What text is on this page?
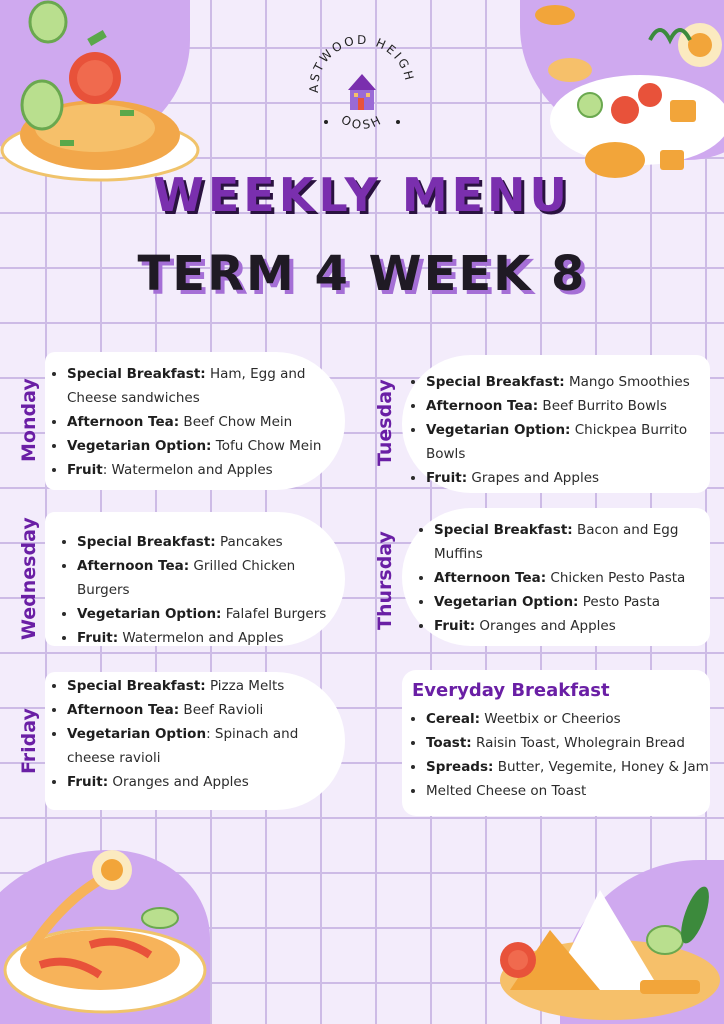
ASTWOOD HEIGH
OOSH
WEEKLY MENU
TERM 4 WEEK 8
Monday
• Special Breakfast: Ham, Egg and Cheese sandwiches
• Afternoon Tea: Beef Chow Mein
• Vegetarian Option: Tofu Chow Mein
• Fruit: Watermelon and Apples
Tuesday • Special Breakfast: Mango Smoothies
• Afternoon Tea: Beef Burrito Bowls
• Vegetarian Option: Chickpea Burrito Bowls
• Fruit: Grapes and Apples
Wednesday	• Special Breakfast: Pancakes
• Afternoon Tea: Grilled Chicken Burgers
• Vegetarian Option: Falafel Burgers
• Fruit: Watermelon and Apples
Thursday
• Special Breakfast: Bacon and Egg Muffins
• Afternoon Tea: Chicken Pesto Pasta
• Vegetarian Option: Pesto Pasta
• Fruit: Oranges and Apples
Friday
• Special Breakfast: Pizza Melts
• Afternoon Tea: Beef Ravioli
• Vegetarian Option: Spinach and cheese ravioli
• Fruit: Oranges and Apples
Everyday Breakfast
• Cereal: Weetbix or Cheerios
• Toast: Raisin Toast, Wholegrain Bread
• Spreads: Butter, Vegemite, Honey & Jam
• Melted Cheese on Toast
